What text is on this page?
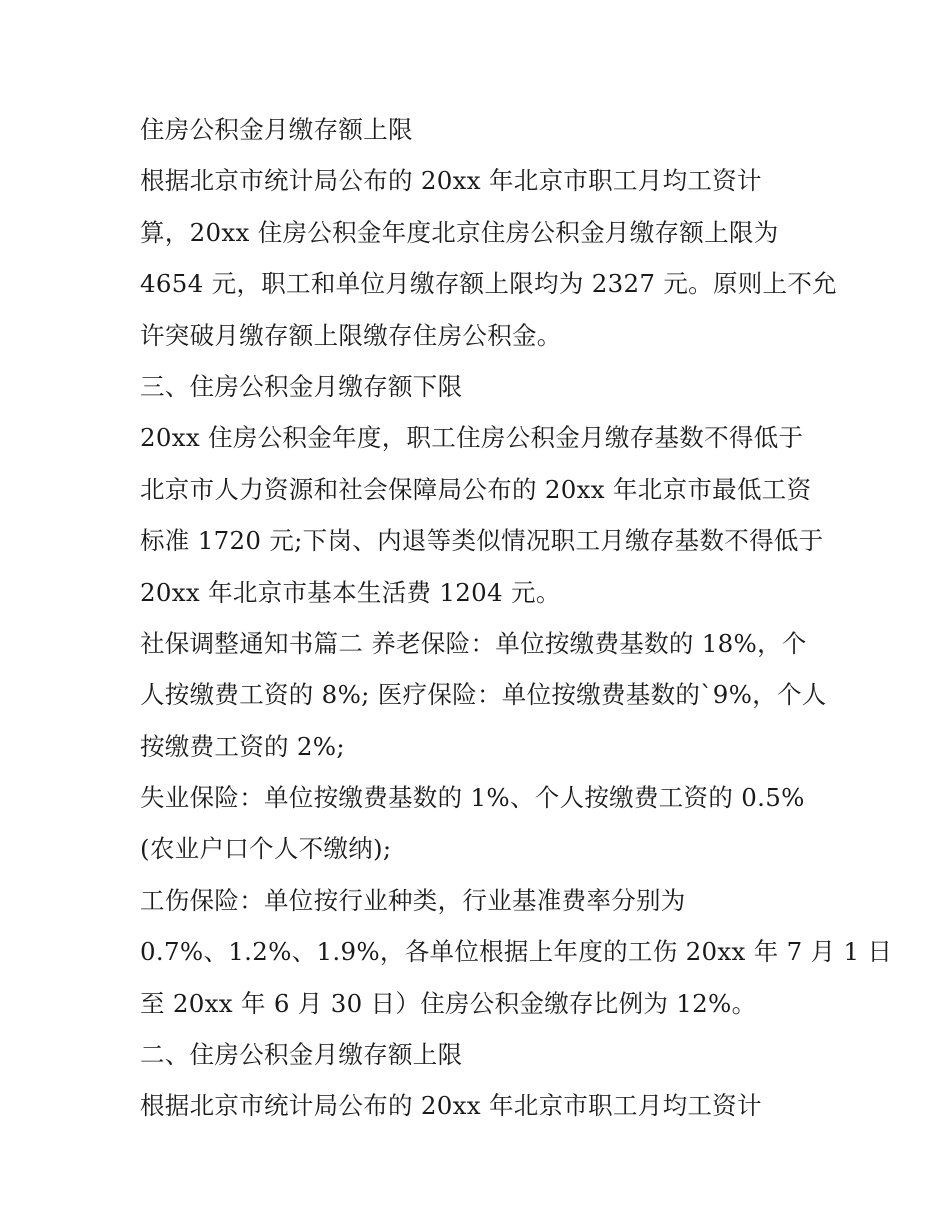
住房公积金月缴存额上限
根据北京市统计局公布的 20xx 年北京市职工月均工资计
算，20xx 住房公积金年度北京住房公积金月缴存额上限为
4654 元，职工和单位月缴存额上限均为 2327 元。原则上不允
许突破月缴存额上限缴存住房公积金。
三、住房公积金月缴存额下限
20xx 住房公积金年度，职工住房公积金月缴存基数不得低于
北京市人力资源和社会保障局公布的 20xx 年北京市最低工资
标准 1720 元;下岗、内退等类似情况职工月缴存基数不得低于
20xx 年北京市基本生活费 1204 元。
社保调整通知书篇二 养老保险：单位按缴费基数的 18%，个
人按缴费工资的 8%; 医疗保险：单位按缴费基数的`9%，个人
按缴费工资的 2%;
失业保险：单位按缴费基数的 1%、个人按缴费工资的 0.5%
(农业户口个人不缴纳);
工伤保险：单位按行业种类，行业基准费率分别为
0.7%、1.2%、1.9%，各单位根据上年度的工伤 20xx 年 7 月 1 日
至 20xx 年 6 月 30 日）住房公积金缴存比例为 12%。
二、住房公积金月缴存额上限
根据北京市统计局公布的 20xx 年北京市职工月均工资计
